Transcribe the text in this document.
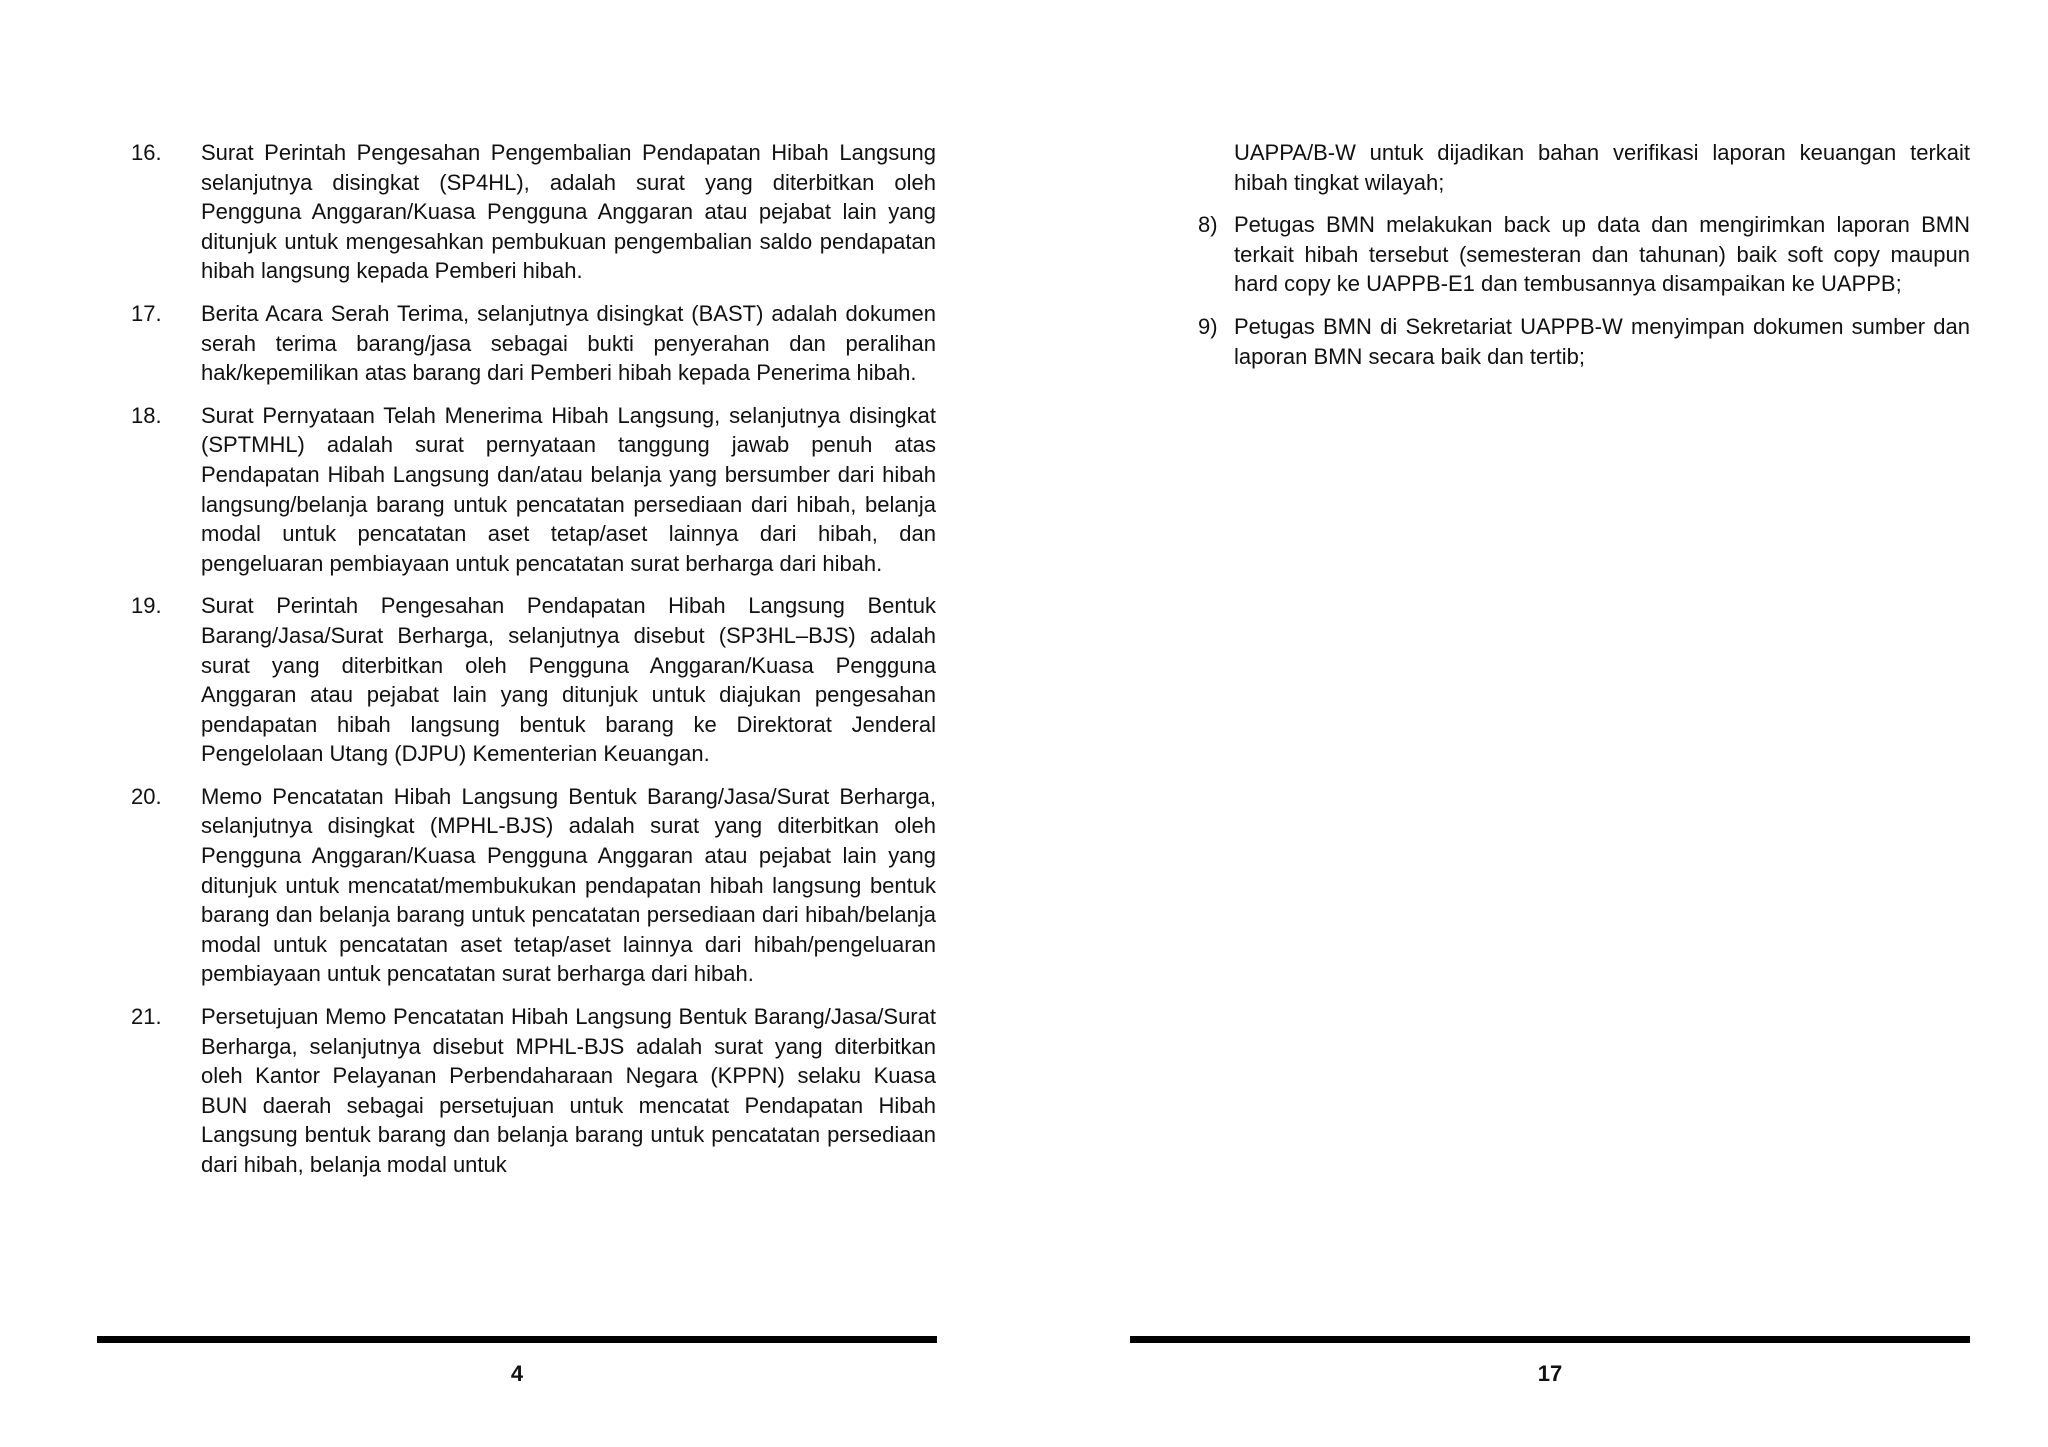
16.	Surat Perintah Pengesahan Pengembalian Pendapatan Hibah Langsung selanjutnya disingkat (SP4HL), adalah surat yang diterbitkan oleh Pengguna Anggaran/Kuasa Pengguna Anggaran atau pejabat lain yang ditunjuk untuk mengesahkan pembukuan pengembalian saldo pendapatan hibah langsung kepada Pemberi hibah.
17.	Berita Acara Serah Terima, selanjutnya disingkat (BAST) adalah dokumen serah terima barang/jasa sebagai bukti penyerahan dan peralihan hak/kepemilikan atas barang dari Pemberi hibah kepada Penerima hibah.
18.	Surat Pernyataan Telah Menerima Hibah Langsung, selanjutnya disingkat (SPTMHL) adalah surat pernyataan tanggung jawab penuh atas Pendapatan Hibah Langsung dan/atau belanja yang bersumber dari hibah langsung/belanja barang untuk pencatatan persediaan dari hibah, belanja modal untuk pencatatan aset tetap/aset lainnya dari hibah, dan pengeluaran pembiayaan untuk pencatatan surat berharga dari hibah.
19.	Surat Perintah Pengesahan Pendapatan Hibah Langsung Bentuk Barang/Jasa/Surat Berharga, selanjutnya disebut (SP3HL–BJS) adalah surat yang diterbitkan oleh Pengguna Anggaran/Kuasa Pengguna Anggaran atau pejabat lain yang ditunjuk untuk diajukan pengesahan pendapatan hibah langsung bentuk barang ke Direktorat Jenderal Pengelolaan Utang (DJPU) Kementerian Keuangan.
20.	Memo Pencatatan Hibah Langsung Bentuk Barang/Jasa/Surat Berharga, selanjutnya disingkat (MPHL-BJS) adalah surat yang diterbitkan oleh Pengguna Anggaran/Kuasa Pengguna Anggaran atau pejabat lain yang ditunjuk untuk mencatat/membukukan pendapatan hibah langsung bentuk barang dan belanja barang untuk pencatatan persediaan dari hibah/belanja modal untuk pencatatan aset tetap/aset lainnya dari hibah/pengeluaran pembiayaan untuk pencatatan surat berharga dari hibah.
21.	Persetujuan Memo Pencatatan Hibah Langsung Bentuk Barang/Jasa/Surat Berharga, selanjutnya disebut MPHL-BJS adalah surat yang diterbitkan oleh Kantor Pelayanan Perbendaharaan Negara (KPPN) selaku Kuasa BUN daerah sebagai persetujuan untuk mencatat Pendapatan Hibah Langsung bentuk barang dan belanja barang untuk pencatatan persediaan dari hibah, belanja modal untuk
4
UAPPA/B-W untuk dijadikan bahan verifikasi laporan keuangan terkait hibah tingkat wilayah;
8) Petugas BMN melakukan back up data dan mengirimkan laporan BMN terkait hibah tersebut (semesteran dan tahunan) baik soft copy maupun hard copy ke UAPPB-E1 dan tembusannya disampaikan ke UAPPB;
9) Petugas BMN di Sekretariat UAPPB-W menyimpan dokumen sumber dan laporan BMN secara baik dan tertib;
17
